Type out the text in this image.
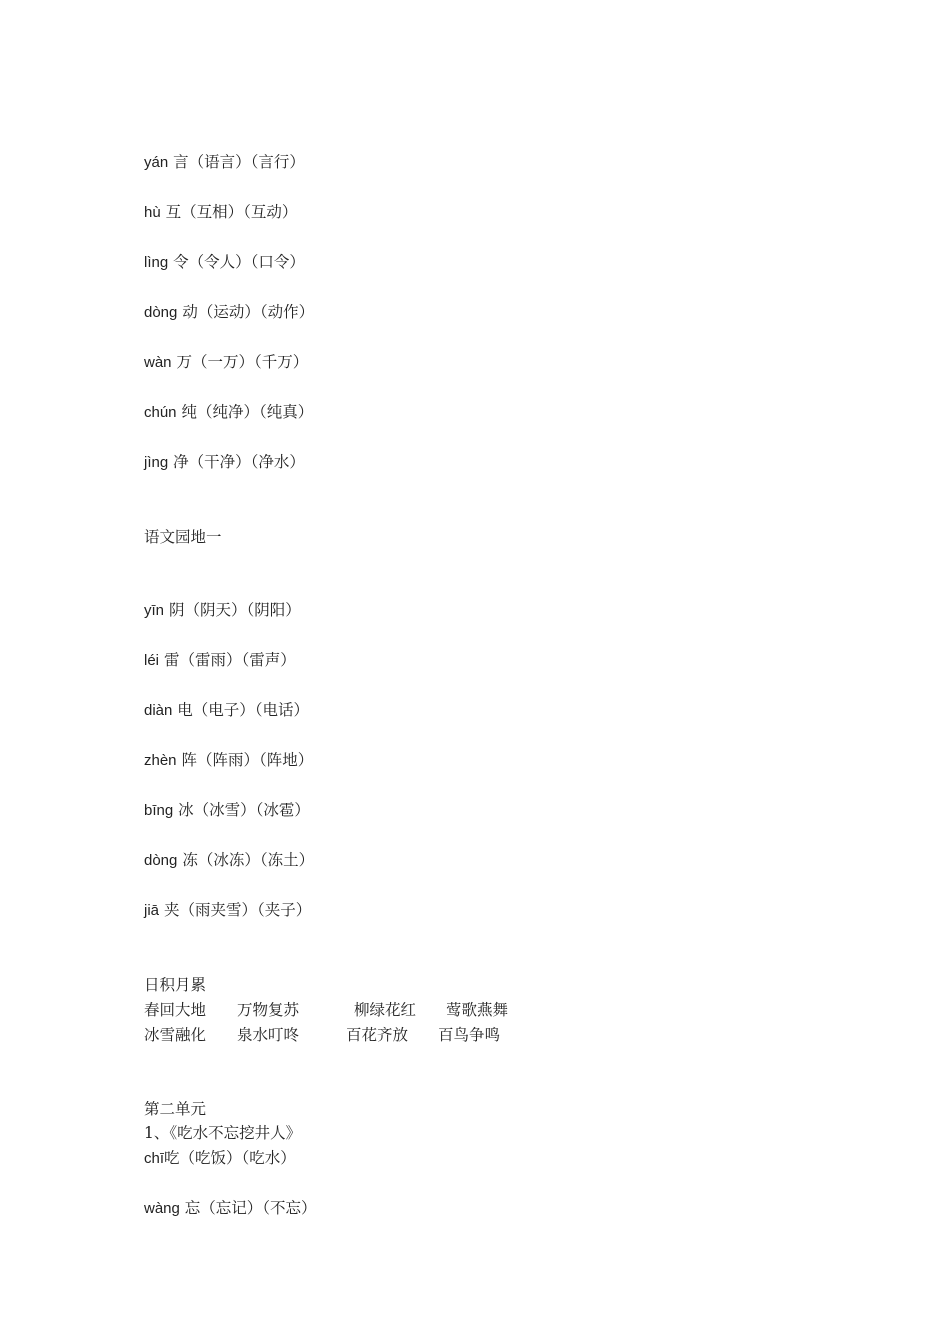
yán 言（语言）（言行）
hù 互（互相）（互动）
lìng 令（令人）（口令）
dòng 动（运动）（动作）
wàn 万（一万）（千万）
chún 纯（纯净）（纯真）
jìng 净（干净）（净水）
语文园地一
yīn 阴（阴天）（阴阳）
léi 雷（雷雨）（雷声）
diàn 电（电子）（电话）
zhèn 阵（阵雨）（阵地）
bīng 冰（冰雪）（冰雹）
dòng 冻（冰冻）（冻土）
jiā 夹（雨夹雪）（夹子）
日积月累
春回大地 万物复苏	柳绿花红 莺歌燕舞
冰雪融化 泉水叮咚	百花齐放 百鸟争鸣
第二单元
1、《吃水不忘挖井人》
chī吃（吃饭）（吃水）
wàng 忘（忘记）（不忘）
